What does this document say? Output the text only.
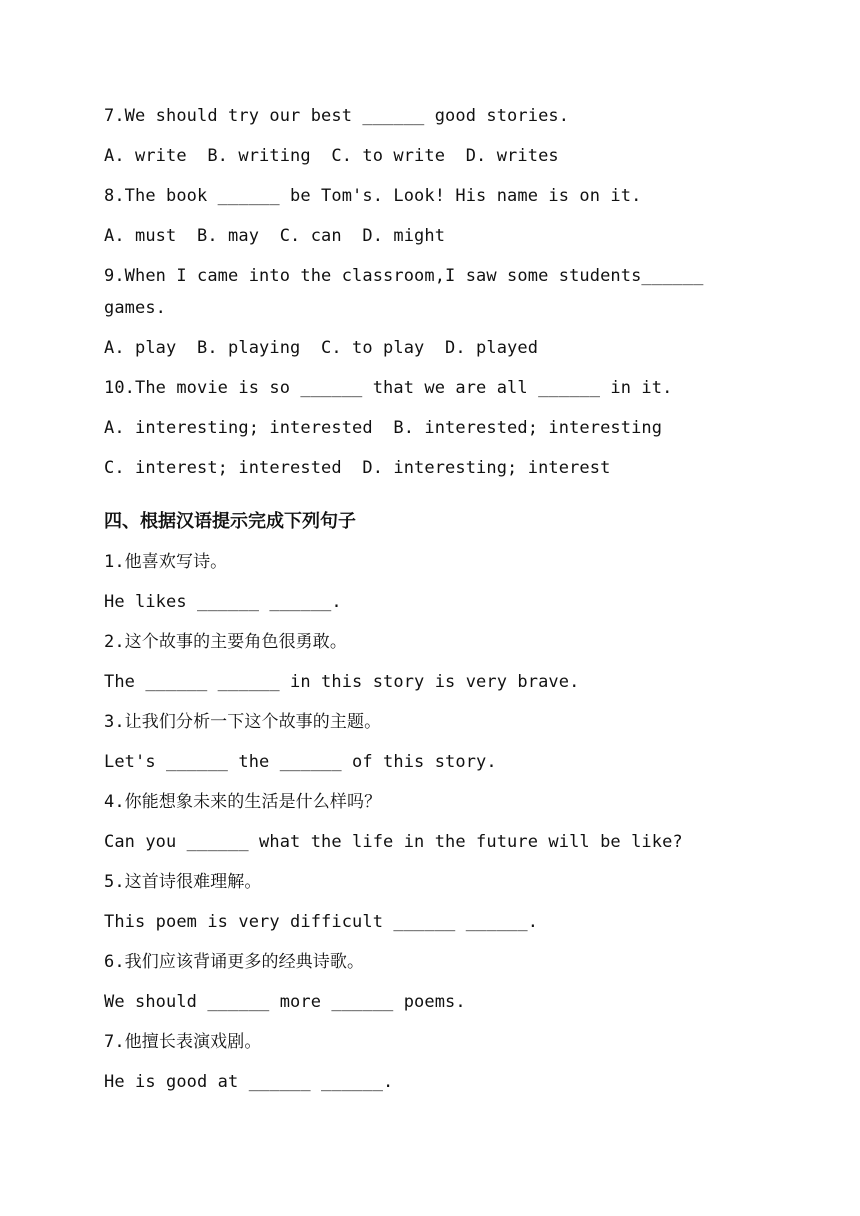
7.We should try our best ______ good stories.
A. write  B. writing  C. to write  D. writes
8.The book ______ be Tom's. Look! His name is on it.
A. must  B. may  C. can  D. might
9.When I came into the classroom,I saw some students______ games.
A. play  B. playing  C. to play  D. played
10.The movie is so ______ that we are all ______ in it.
A. interesting; interested  B. interested; interesting
C. interest; interested  D. interesting; interest
四、根据汉语提示完成下列句子
1.他喜欢写诗。
He likes ______ ______.
2.这个故事的主要角色很勇敢。
The ______ ______ in this story is very brave.
3.让我们分析一下这个故事的主题。
Let's ______ the ______ of this story.
4.你能想象未来的生活是什么样吗？
Can you ______ what the life in the future will be like?
5.这首诗很难理解。
This poem is very difficult ______ ______.
6.我们应该背诵更多的经典诗歌。
We should ______ more ______ poems.
7.他擅长表演戏剧。
He is good at ______ ______.
